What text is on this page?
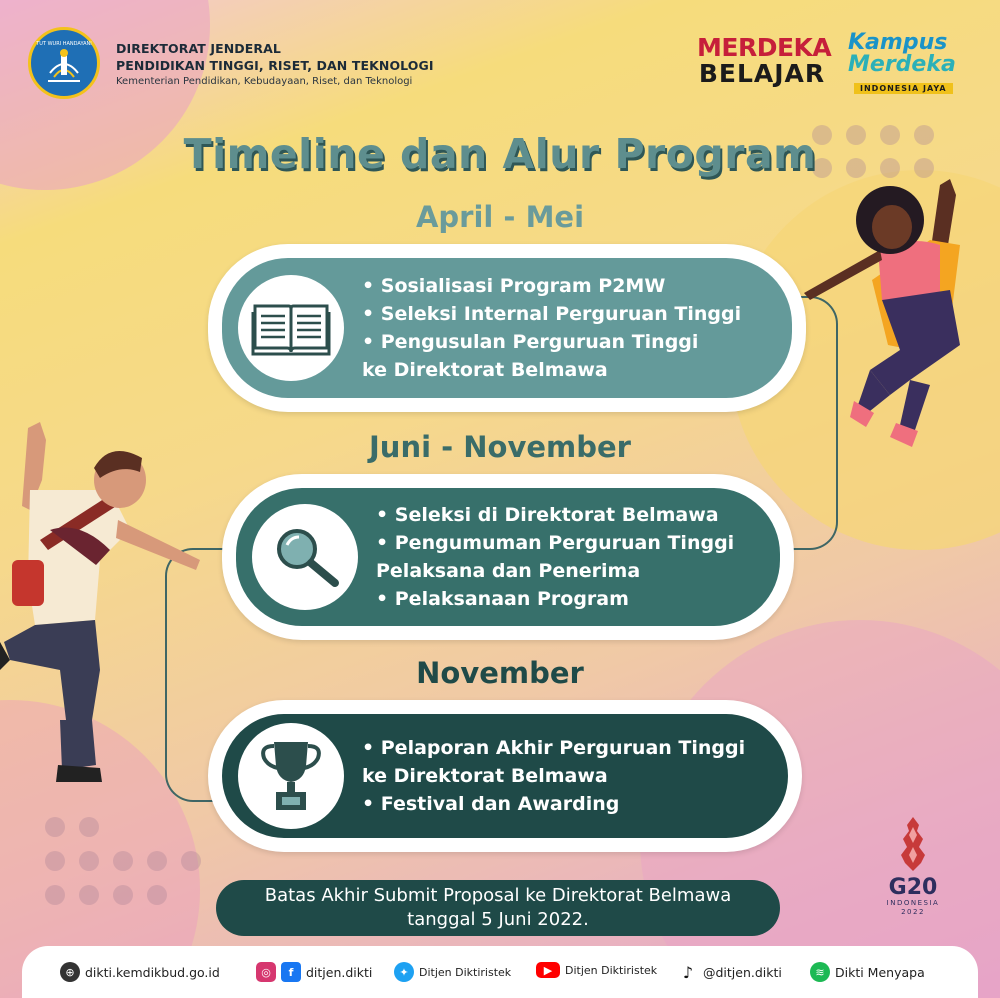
TUT WURI HANDAYANI DIREKTORAT JENDERAL
PENDIDIKAN TINGGI, RISET, DAN TEKNOLOGI
Kementerian Pendidikan, Kebudayaan, Riset, dan Teknologi
MERDEKA
BELAJAR
Kampus
Merdeka
INDONESIA JAYA
Timeline dan Alur Program
April - Mei
• Sosialisasi Program P2MW
• Seleksi Internal Perguruan Tinggi
• Pengusulan Perguruan Tinggi
ke Direktorat Belmawa
Juni - November
• Seleksi di Direktorat Belmawa
• Pengumuman Perguruan Tinggi
Pelaksana dan Penerima
• Pelaksanaan Program
November
• Pelaporan Akhir Perguruan Tinggi
ke Direktorat Belmawa
• Festival dan Awarding
Batas Akhir Submit Proposal ke Direktorat Belmawa
tanggal 5 Juni 2022.
G20
INDONESIA
2022
⊕ dikti.kemdikbud.go.id	◎	f	ditjen.dikti	✦ Ditjen Diktiristek	▶	Ditjen Diktiristek	♪ @ditjen.dikti	≋ Dikti Menyapa
